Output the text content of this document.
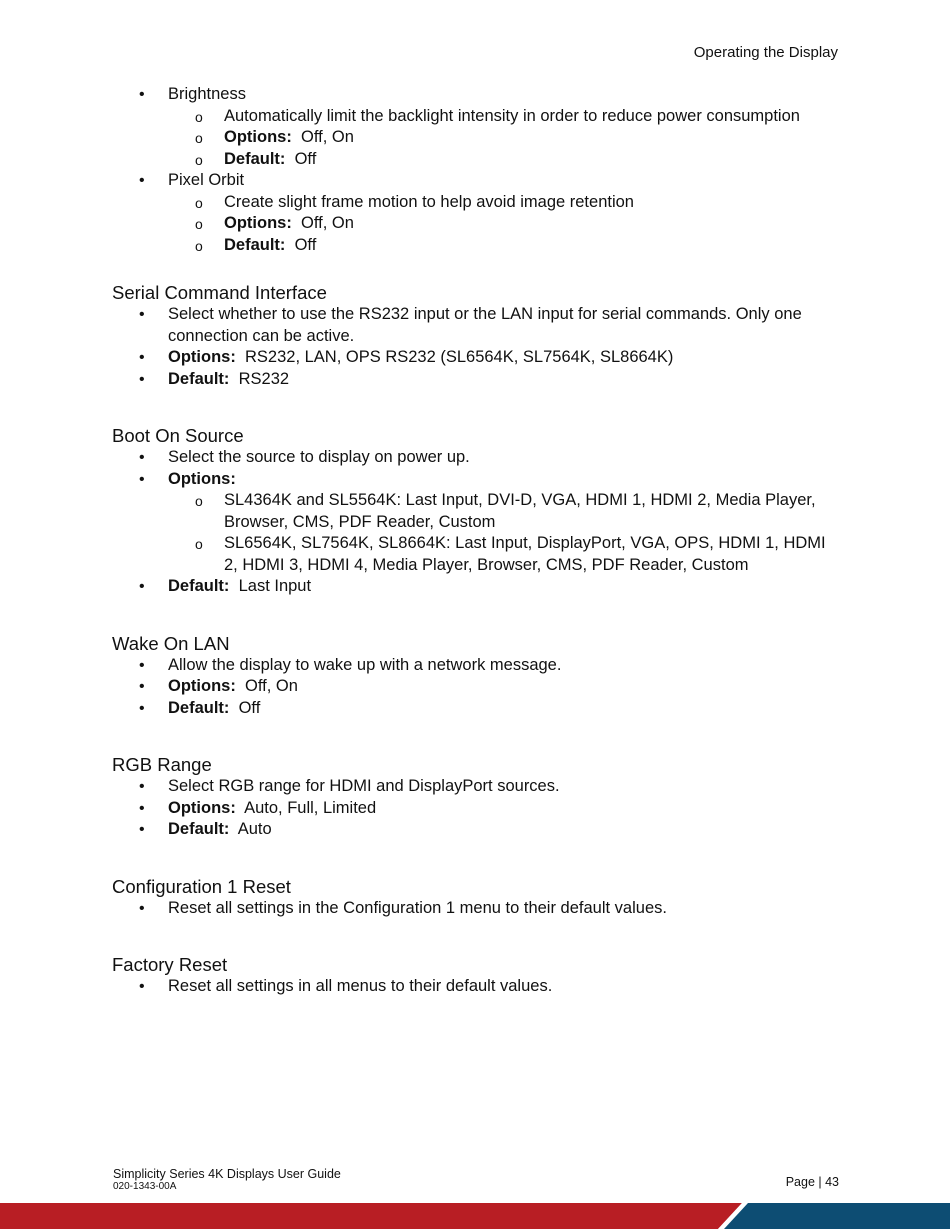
Operating the Display
• Brightness
o Automatically limit the backlight intensity in order to reduce power consumption
o Options: Off, On
o Default: Off
• Pixel Orbit
o Create slight frame motion to help avoid image retention
o Options: Off, On
o Default: Off
Serial Command Interface
• Select whether to use the RS232 input or the LAN input for serial commands. Only one connection can be active.
• Options: RS232, LAN, OPS RS232 (SL6564K, SL7564K, SL8664K)
• Default: RS232
Boot On Source
• Select the source to display on power up.
• Options:
o SL4364K and SL5564K: Last Input, DVI-D, VGA, HDMI 1, HDMI 2, Media Player, Browser, CMS, PDF Reader, Custom
o SL6564K, SL7564K, SL8664K: Last Input, DisplayPort, VGA, OPS, HDMI 1, HDMI 2, HDMI 3, HDMI 4, Media Player, Browser, CMS, PDF Reader, Custom
• Default: Last Input
Wake On LAN
• Allow the display to wake up with a network message.
• Options: Off, On
• Default: Off
RGB Range
• Select RGB range for HDMI and DisplayPort sources.
• Options: Auto, Full, Limited
• Default: Auto
Configuration 1 Reset
• Reset all settings in the Configuration 1 menu to their default values.
Factory Reset
• Reset all settings in all menus to their default values.
Simplicity Series 4K Displays User Guide
020-1343-00A	Page | 43
